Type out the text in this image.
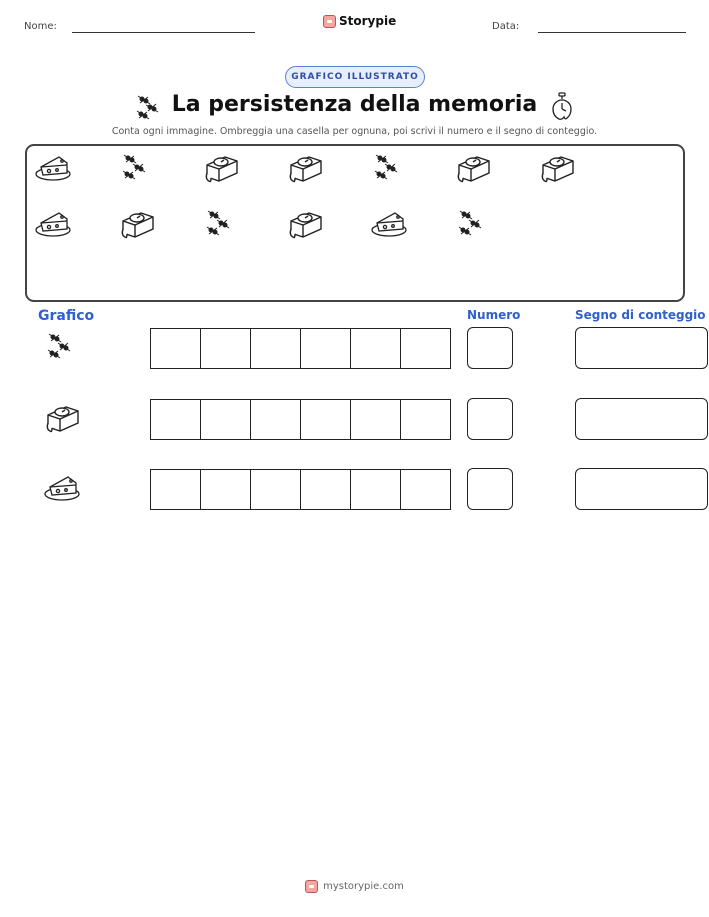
Nome:	Storypie	Data:
GRAFICO ILLUSTRATO
La persistenza della memoria
Conta ogni immagine. Ombreggia una casella per ognuna, poi scrivi il numero e il segno di conteggio.
Grafico	Numero	Segno di conteggio
mystorypie.com
